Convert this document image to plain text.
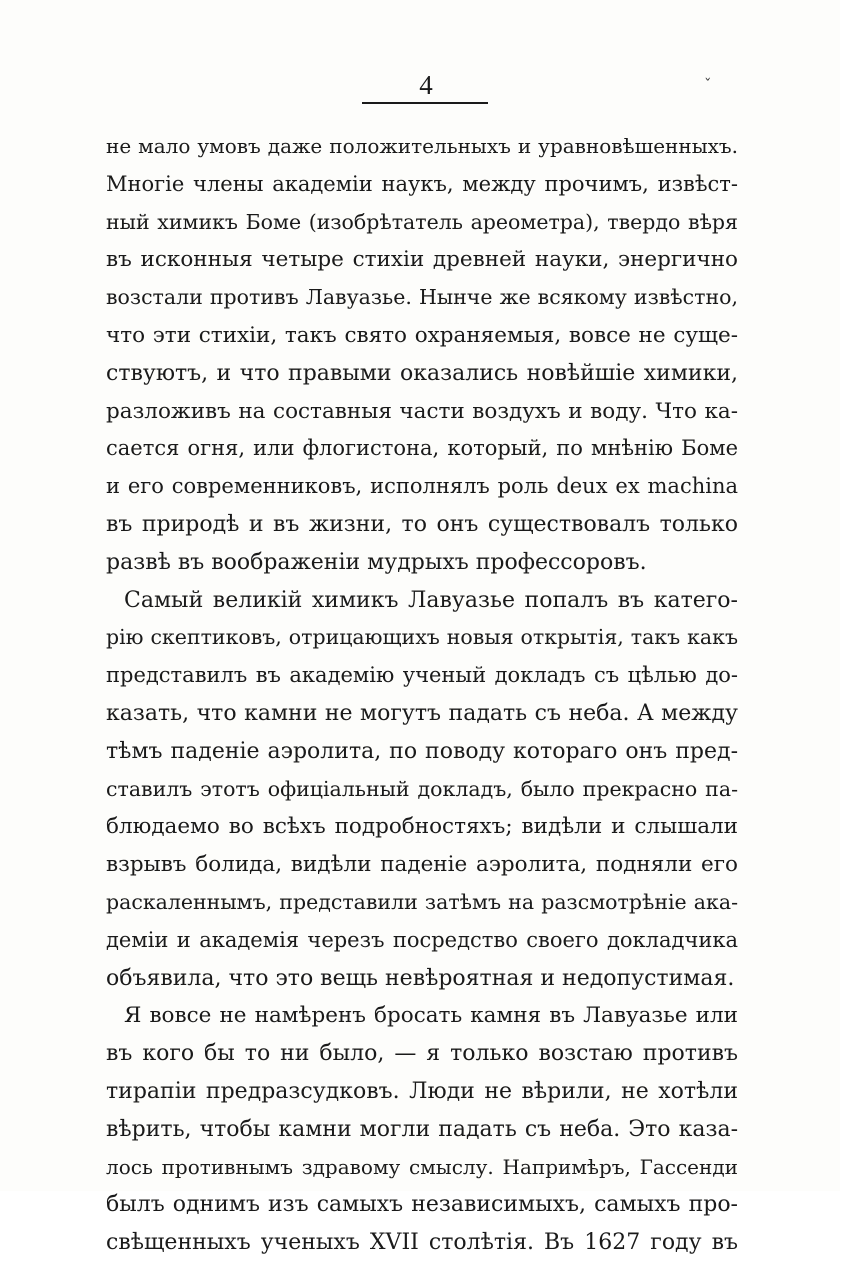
4	˯
не мало умовъ даже положительныхъ и уравновѣшенныхъ.
Многіе члены академіи наукъ, между прочимъ, извѣст-
ный химикъ Боме (изобрѣтатель ареометра), твердо вѣря
въ исконныя четыре стихіи древней науки, энергично
возстали противъ Лавуазье. Нынче же всякому извѣстно,
что эти стихіи, такъ свято охраняемыя, вовсе не суще-
ствуютъ, и что правыми оказались новѣйшіе химики,
разложивъ на составныя части воздухъ и воду. Что ка-
сается огня, или флогистона, который, по мнѣнію Боме
и его современниковъ, исполнялъ роль deux ex machina
въ природѣ и въ жизни, то онъ существовалъ только
развѣ въ воображеніи мудрыхъ профессоровъ.
Самый великій химикъ Лавуазье попалъ въ катего-
рію скептиковъ, отрицающихъ новыя открытія, такъ какъ
представилъ въ академію ученый докладъ съ цѣлью до-
казать, что камни не могутъ падать съ неба. А между
тѣмъ паденіе аэролита, по поводу котораго онъ пред-
ставилъ этотъ офиціальный докладъ, было прекрасно па-
блюдаемо во всѣхъ подробностяхъ; видѣли и слышали
взрывъ болида, видѣли паденіе аэролита, подняли его
раскаленнымъ, представили затѣмъ на разсмотрѣніе ака-
деміи и академія черезъ посредство своего докладчика
объявила, что это вещь невѣроятная и недопустимая.
Я вовсе не намѣренъ бросать камня въ Лавуазье или
въ кого бы то ни было, — я только возстаю противъ
тирапіи предразсудковъ. Люди не вѣрили, не хотѣли
вѣрить, чтобы камни могли падать съ неба. Это каза-
лось противнымъ здравому смыслу. Напримѣръ, Гассенди
былъ однимъ изъ самыхъ независимыхъ, самыхъ про-
свѣщенныхъ ученыхъ XVII столѣтія. Въ 1627 году въ
